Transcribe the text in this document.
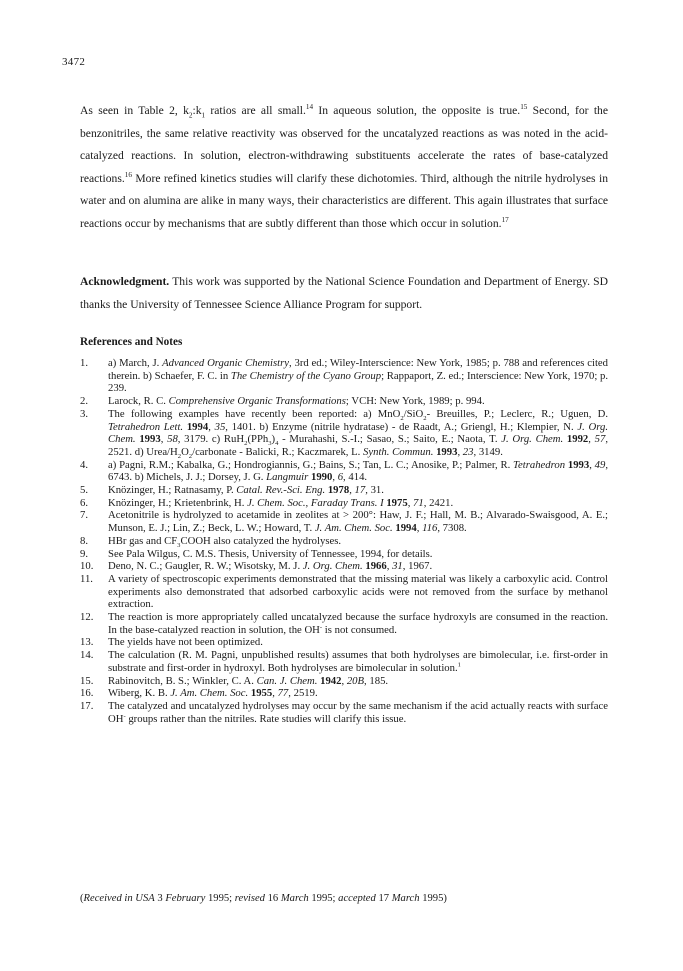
3472

As seen in Table 2, $k_2:k_1$ ratios are all small.$^{14}$ In aqueous solution, the opposite is true.$^{15}$ Second, for the benzonitriles, the same relative reactivity was observed for the uncatalyzed reactions as was noted in the acid-catalyzed reactions. In solution, electron-withdrawing substituents accelerate the rates of base-catalyzed reactions.$^{16}$ More refined kinetics studies will clarify these dichotomies. Third, although the nitrile hydrolyses in water and on alumina are alike in many ways, their characteristics are different. This again illustrates that surface reactions occur by mechanisms that are subtly different than those which occur in solution.$^{17}$

Acknowledgment. This work was supported by the National Science Foundation and Department of Energy. SD thanks the University of Tennessee Science Alliance Program for support.

References and Notes
1.	a) March, J. Advanced Organic Chemistry, 3rd ed.; Wiley-Interscience: New York, 1985; p. 788 and references cited therein. b) Schaefer, F. C. in The Chemistry of the Cyano Group; Rappaport, Z. ed.; Interscience: New York, 1970; p. 239.
2.	Larock, R. C. Comprehensive Organic Transformations; VCH: New York, 1989; p. 994.
3.	The following examples have recently been reported: a) MnO$_2$/SiO$_2$- Breuilles, P.; Leclerc, R.; Uguen, D. Tetrahedron Lett. 1994, 35, 1401. b) Enzyme (nitrile hydratase) - de Raadt, A.; Griengl, H.; Klempier, N. J. Org. Chem. 1993, 58, 3179. c) $RuH_2(PPh_3)_4$ - Murahashi, S.-I.; Sasao, S.; Saito, E.; Naota, T. J. Org. Chem. 1992, 57, 2521. d) Urea/$H_2O_2$/carbonate - Balicki, R.; Kaczmarek, L. Synth. Commun. 1993, 23, 3149.
4.	a) Pagni, R.M.; Kabalka, G.; Hondrogiannis, G.; Bains, S.; Tan, L. C.; Anosike, P.; Palmer, R. Tetrahedron 1993, 49, 6743. b) Michels, J. J.; Dorsey, J. G. Langmuir 1990, 6, 414.
5.	Knözinger, H.; Ratnasamy, P. Catal. Rev.-Sci. Eng. 1978, 17, 31.
6.	Knözinger, H.; Krietenbrink, H. J. Chem. Soc., Faraday Trans. I 1975, 71, 2421.
7.	Acetonitrile is hydrolyzed to acetamide in zeolites at > 200°: Haw, J. F.; Hall, M. B.; Alvarado-Swaisgood, A. E.; Munson, E. J.; Lin, Z.; Beck, L. W.; Howard, T. J. Am. Chem. Soc. 1994, 116, 7308.
8.	HBr gas and $CF_3COOH$ also catalyzed the hydrolyses.
9.	See Pala Wilgus, C. M.S. Thesis, University of Tennessee, 1994, for details.
10.	Deno, N. C.; Gaugler, R. W.; Wisotsky, M. J. J. Org. Chem. 1966, 31, 1967.
11.	A variety of spectroscopic experiments demonstrated that the missing material was likely a carboxylic acid. Control experiments also demonstrated that adsorbed carboxylic acids were not removed from the surface by methanol extraction.
12.	The reaction is more appropriately called uncatalyzed because the surface hydroxyls are consumed in the reaction. In the base-catalyzed reaction in solution, the OH- is not consumed.
13.	The yields have not been optimized.
14.	The calculation (R. M. Pagni, unpublished results) assumes that both hydrolyses are bimolecular, i.e. first-order in substrate and first-order in hydroxyl. Both hydrolyses are bimolecular in solution.$^1$
15.	Rabinovitch, B. S.; Winkler, C. A. Can. J. Chem. 1942, 20B, 185.
16.	Wiberg, K. B. J. Am. Chem. Soc. 1955, 77, 2519.
17.	The catalyzed and uncatalyzed hydrolyses may occur by the same mechanism if the acid actually reacts with surface OH- groups rather than the nitriles. Rate studies will clarify this issue.

(Received in USA 3 February 1995; revised 16 March 1995; accepted 17 March 1995)
